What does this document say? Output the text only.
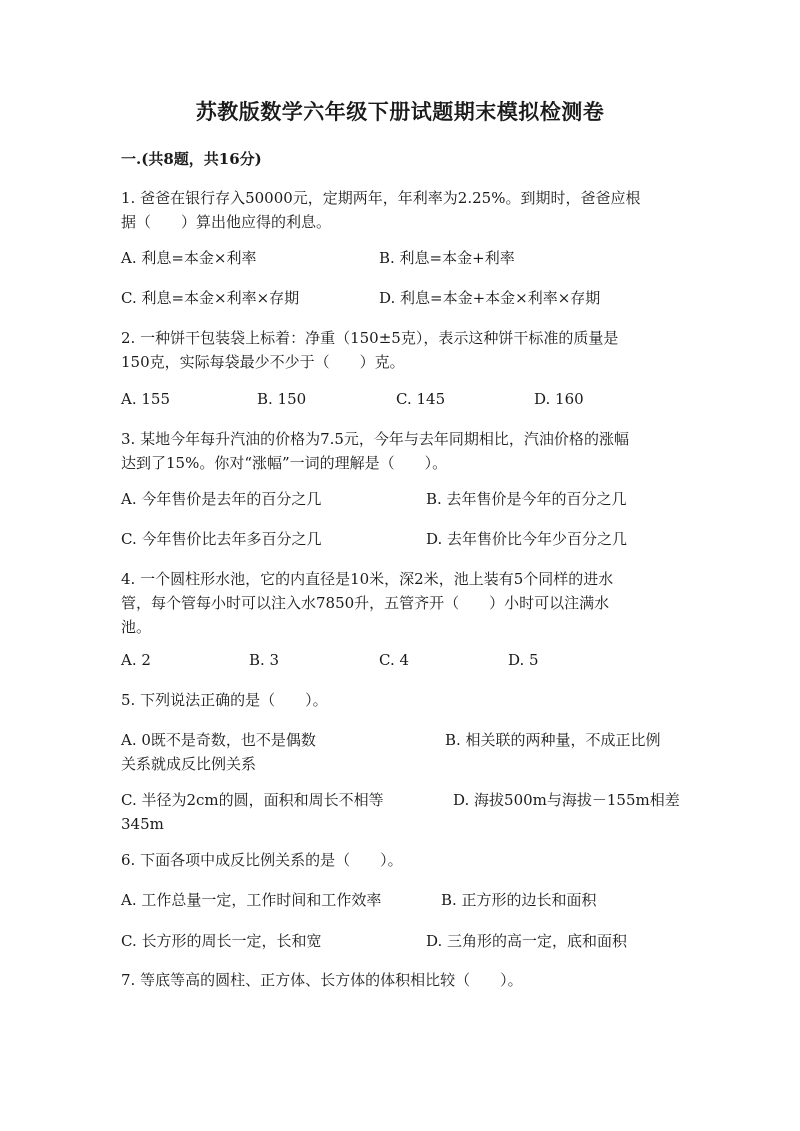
苏教版数学六年级下册试题期末模拟检测卷
一.(共8题，共16分)
1. 爸爸在银行存入50000元，定期两年，年利率为2.25%。到期时，爸爸应根
据（　　）算出他应得的利息。
A. 利息=本金×利率	B. 利息=本金+利率
C. 利息=本金×利率×存期	D. 利息=本金+本金×利率×存期
2. 一种饼干包装袋上标着：净重（150±5克），表示这种饼干标准的质量是
150克，实际每袋最少不少于（　　）克。
A. 155	B. 150	C. 145	D. 160
3. 某地今年每升汽油的价格为7.5元，今年与去年同期相比，汽油价格的涨幅
达到了15%。你对“涨幅”一词的理解是（　　）。
A. 今年售价是去年的百分之几	B. 去年售价是今年的百分之几
C. 今年售价比去年多百分之几	D. 去年售价比今年少百分之几
4. 一个圆柱形水池，它的内直径是10米，深2米，池上装有5个同样的进水
管，每个管每小时可以注入水7850升，五管齐开（　　）小时可以注满水
池。
A. 2	B. 3	C. 4	D. 5
5. 下列说法正确的是（　　）。
A. 0既不是奇数，也不是偶数	B. 相关联的两种量，不成正比例
关系就成反比例关系
C. 半径为2cm的圆，面积和周长不相等	D. 海拔500m与海拔－155m相差
345m
6. 下面各项中成反比例关系的是（　　）。
A. 工作总量一定，工作时间和工作效率	B. 正方形的边长和面积
C. 长方形的周长一定，长和宽	D. 三角形的高一定，底和面积
7. 等底等高的圆柱、正方体、长方体的体积相比较（　　）。
